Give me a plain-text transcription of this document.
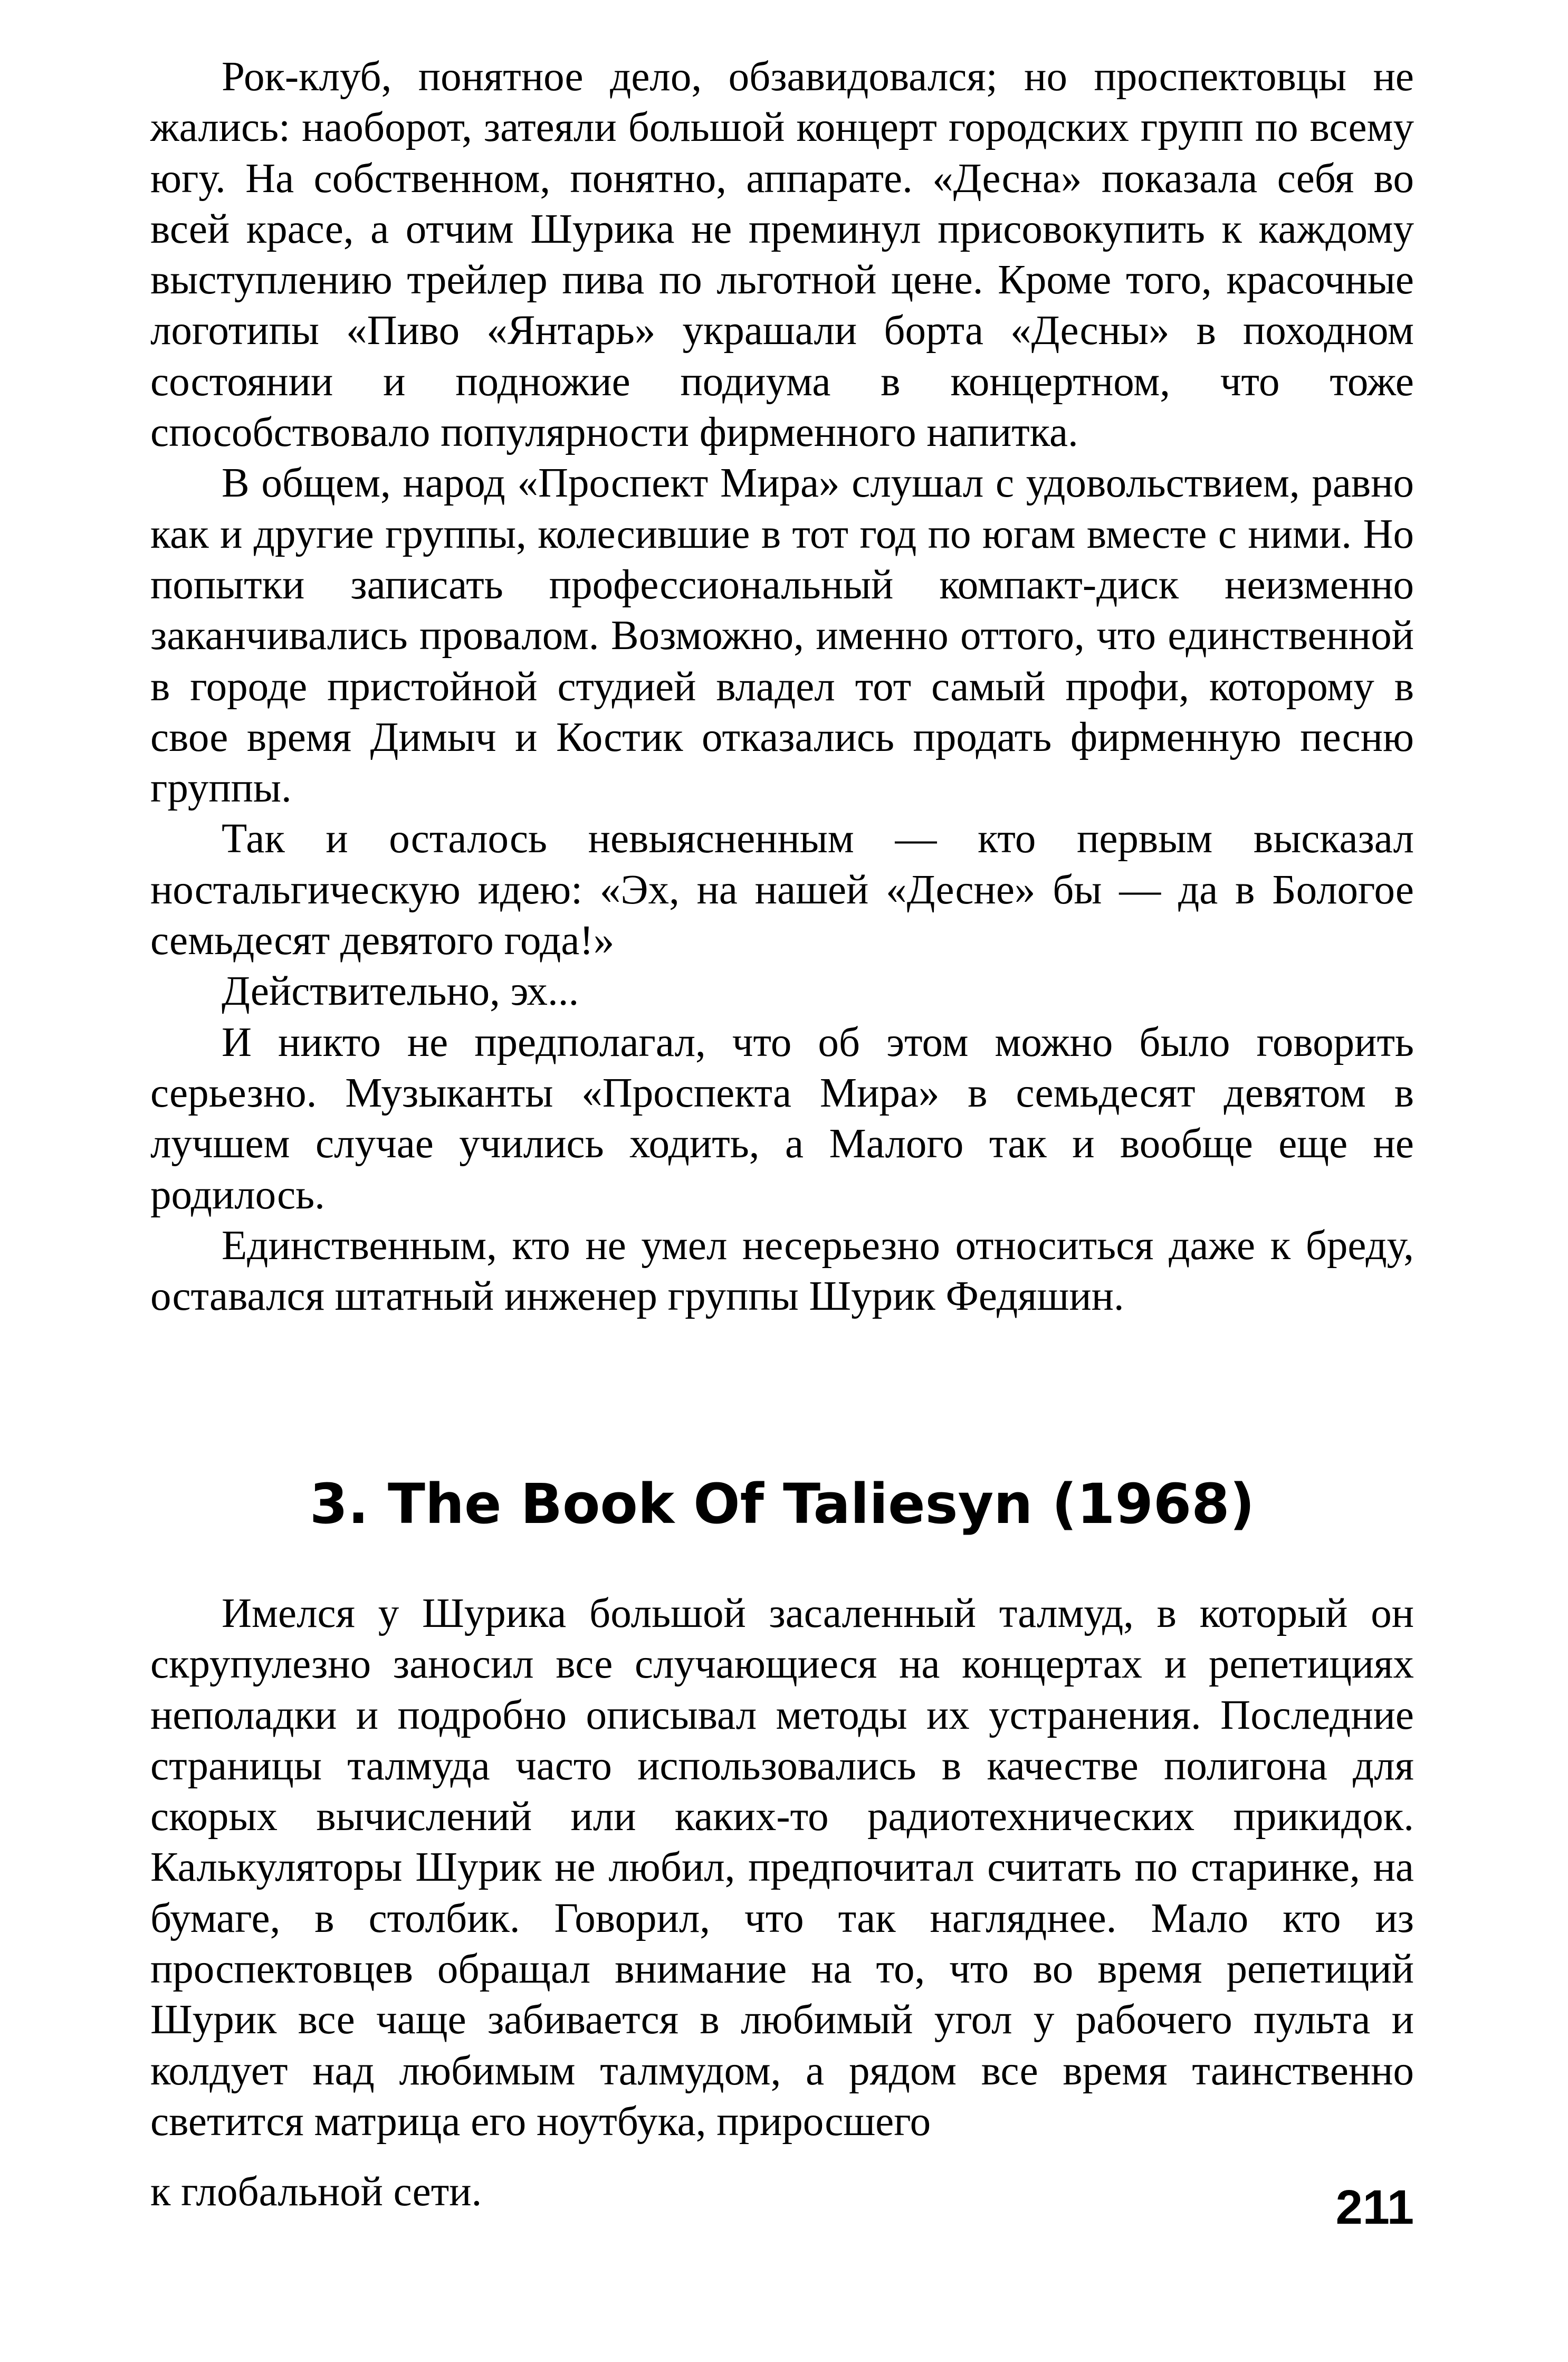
Рок-клуб, понятное дело, обзавидовался; но проспектовцы не жались: наоборот, затеяли большой концерт городских групп по всему югу. На собственном, понятно, аппарате. «Десна» показала себя во всей красе, а отчим Шурика не преминул присовокупить к каждому выступлению трейлер пива по льготной цене. Кроме того, красочные логотипы «Пиво «Янтарь» украшали борта «Десны» в походном состоянии и подножие подиума в концертном, что тоже способствовало популярности фирменного напитка.

В общем, народ «Проспект Мира» слушал с удовольствием, равно как и другие группы, колесившие в тот год по югам вместе с ними. Но попытки записать профессиональный компакт-диск неизменно заканчивались провалом. Возможно, именно оттого, что единственной в городе пристойной студией владел тот самый профи, которому в свое время Димыч и Костик отказались продать фирменную песню группы.

Так и осталось невыясненным — кто первым высказал ностальгическую идею: «Эх, на нашей «Десне» бы — да в Бологое семьдесят девятого года!»

Действительно, эх...

И никто не предполагал, что об этом можно было говорить серьезно. Музыканты «Проспекта Мира» в семьдесят девятом в лучшем случае учились ходить, а Малого так и вообще еще не родилось.

Единственным, кто не умел несерьезно относиться даже к бреду, оставался штатный инженер группы Шурик Федяшин.

3. The Book Of Taliesyn (1968)

Имелся у Шурика большой засаленный талмуд, в который он скрупулезно заносил все случающиеся на концертах и репетициях неполадки и подробно описывал методы их устранения. Последние страницы талмуда часто использовались в качестве полигона для скорых вычислений или каких-то радиотехнических прикидок. Калькуляторы Шурик не любил, предпочитал считать по старинке, на бумаге, в столбик. Говорил, что так нагляднее. Мало кто из проспектовцев обращал внимание на то, что во время репетиций Шурик все чаще забивается в любимый угол у рабочего пульта и колдует над любимым талмудом, а рядом все время таинственно светится матрица его ноутбука, приросшего

к глобальной сети.	211
